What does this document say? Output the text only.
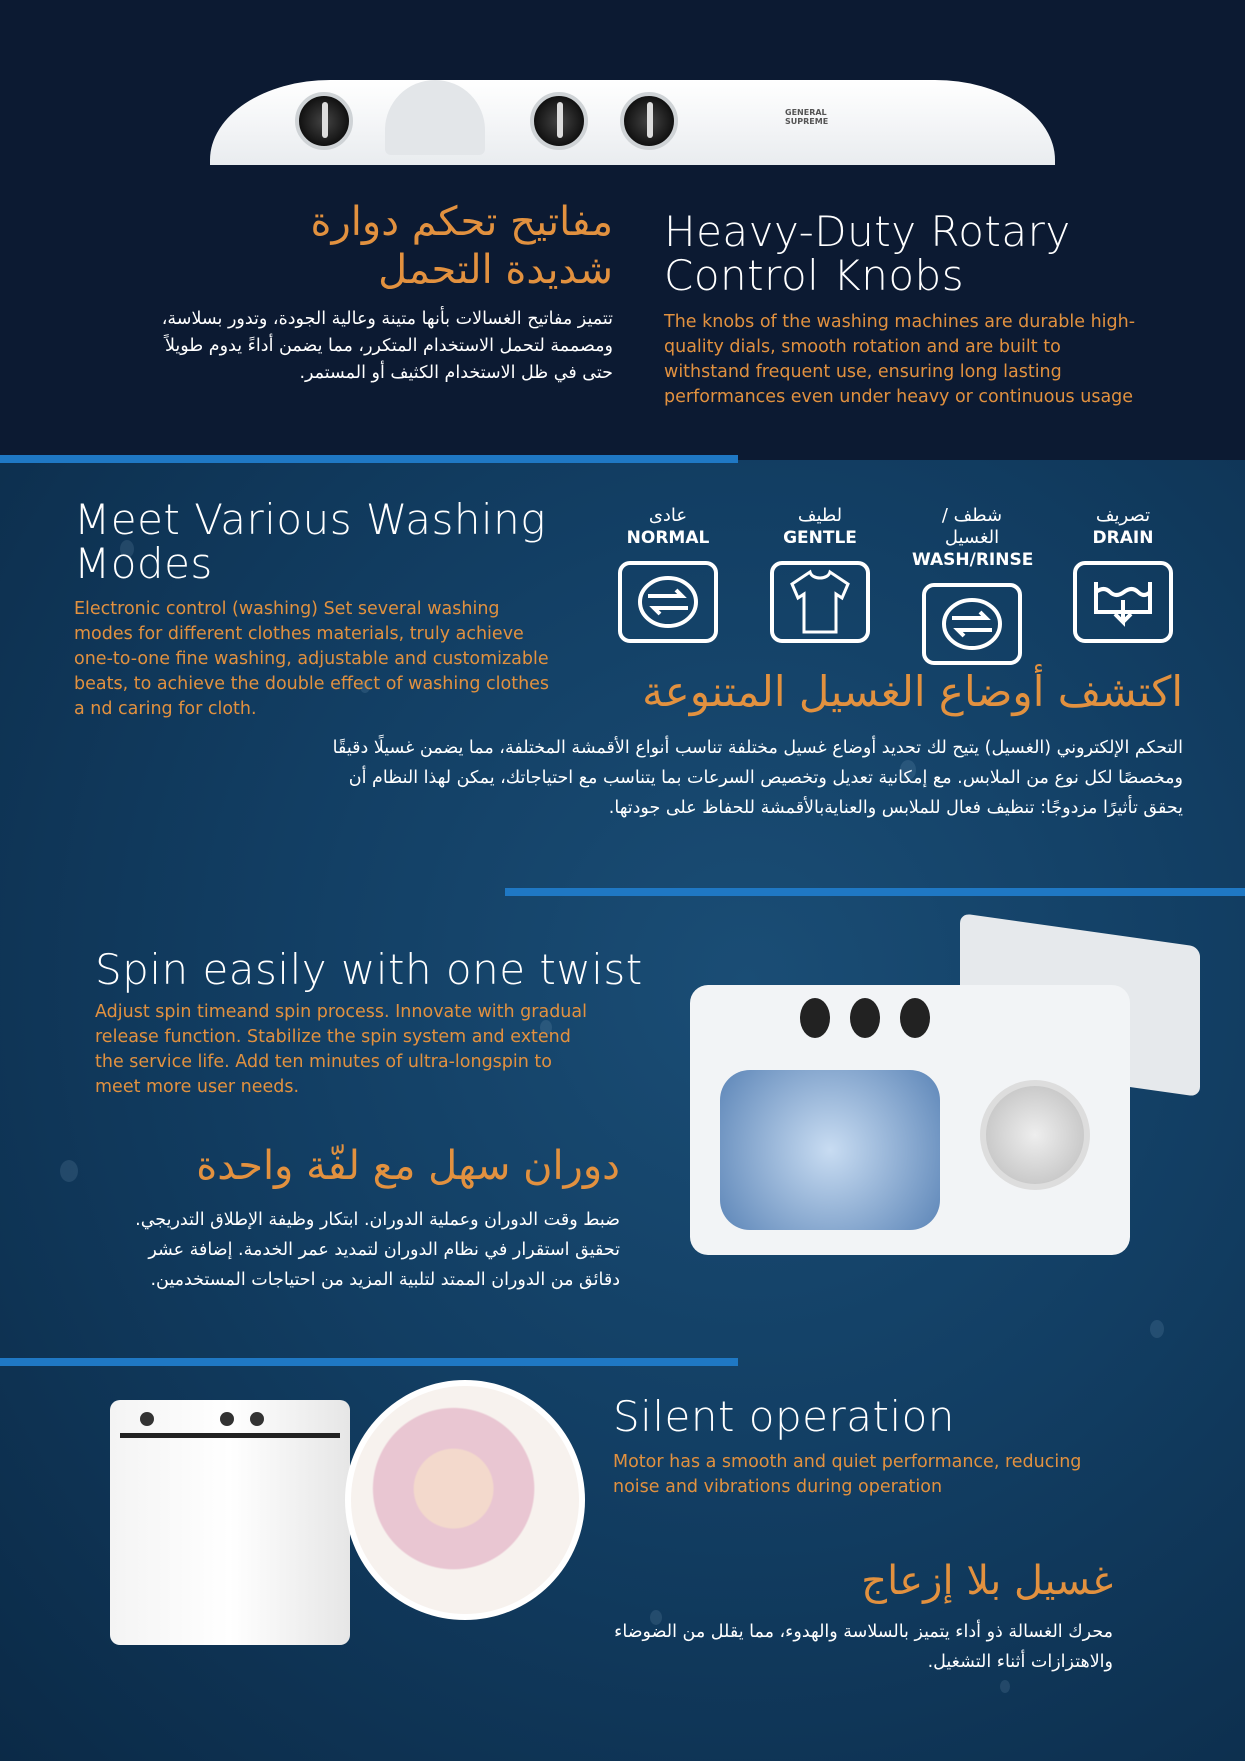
GENERAL SUPREME
مفاتيح تحكم دوارة شديدة التحمل
تتميز مفاتيح الغسالات بأنها متينة وعالية الجودة، وتدور بسلاسة، ومصممة لتحمل الاستخدام المتكرر، مما يضمن أداءً يدوم طويلاً حتى في ظل الاستخدام الكثيف أو المستمر.
Heavy-Duty Rotary Control Knobs
The knobs of the washing machines are durable high-quality dials, smooth rotation and are built to withstand frequent use, ensuring long lasting performances even under heavy or continuous usage
Meet Various Washing Modes
Electronic control (washing) Set several washing modes for different clothes materials, truly achieve one-to-one fine washing, adjustable and customizable beats, to achieve the double effect of washing clothes a nd caring for cloth.
عادى
NORMAL
لطيف
GENTLE
شطف / الغسيل
WASH/RINSE
تصريف
DRAIN
اكتشف أوضاع الغسيل المتنوعة
التحكم الإلكتروني (الغسيل) يتيح لك تحديد أوضاع غسيل مختلفة تناسب أنواع الأقمشة المختلفة، مما يضمن غسيلًا دقيقًا ومخصصًا لكل نوع من الملابس. مع إمكانية تعديل وتخصيص السرعات بما يتناسب مع احتياجاتك، يمكن لهذا النظام أن يحقق تأثيرًا مزدوجًا: تنظيف فعال للملابس والعنايةبالأقمشة للحفاظ على جودتها.
Spin easily with one twist
Adjust spin timeand spin process. Innovate with gradual release function. Stabilize the spin system and extend the service life. Add ten minutes of ultra-longspin to meet more user needs.
دوران سهل مع لفّة واحدة
ضبط وقت الدوران وعملية الدوران. ابتكار وظيفة الإطلاق التدريجي. تحقيق استقرار في نظام الدوران لتمديد عمر الخدمة. إضافة عشر دقائق من الدوران الممتد لتلبية المزيد من احتياجات المستخدمين.
Silent operation
Motor has a smooth and quiet performance, reducing noise and vibrations during operation
غسيل بلا إزعاج
محرك الغسالة ذو أداء يتميز بالسلاسة والهدوء، مما يقلل من الضوضاء والاهتزازات أثناء التشغيل.
